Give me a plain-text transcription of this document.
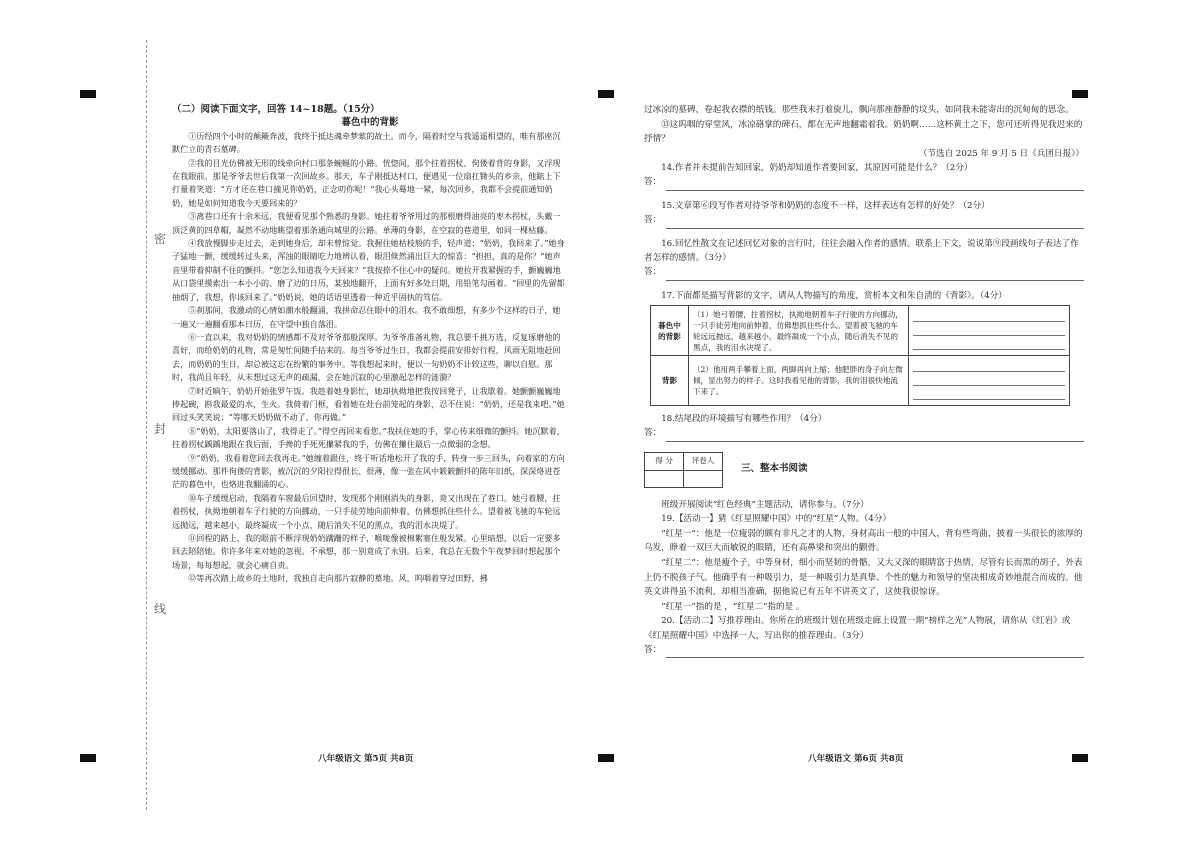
密
封
线

（二）阅读下面文字，回答 14~18题。（15分）

暮色中的背影

①历经四个小时的颠簸奔波，我终于抵达魂牵梦萦的故土。而今，隔着时空与我遥遥相望的，唯有那座沉默伫立的青石墓碑。

②我的目光仿佛被无形的线牵向村口那条蜿蜒的小路。恍惚间，那个拄着拐杖、佝偻着背的身影，又浮现在我眼前。那是爷爷去世后我第一次回故乡。那天，车子刚抵达村口，便遇见一位扇扛锄头的乡亲，他踮上下打量着笑道：“方才还在巷口撞见你奶奶，正念叨你呢！”我心头蓦地一紧，每次回乡，我都不会提前通知奶奶，她是如何知道我今天要回来的？

③离巷口还有十余米远，我便看见那个熟悉的身影。她拄着爷爷用过的那根磨得油亮的枣木拐杖，头戴一顶泛黄的四草帽，凝然不动地眺望着那条通向城里的公路。单薄的身影，在空寂的巷道里，如同一棵枯藤。

④我放慢脚步走过去，走到她身后，却未曾惊觉。我握住她枯枝般的手，轻声道：“奶奶，我回来了。”她身子猛地一颤，缓缓转过头来，浑浊的眼睛吃力地辨认着，眼泪倏然涌出巨大的惊喜：“担担，真的是你？”她声音里带着抑制不住的颤抖。“您怎么知道我今天回来？”我按捺不住心中的疑问。她拉开我紧握的手，颤巍巍地从口袋里摸索出一本小小的、磨了边的日历，某独地翻开，上面有好多处日期，用铅笔勾画着。“回里的先留都抽烟了，我想，你该回来了。”奶奶说，她的话语里透着一种近乎固执的笃信。

⑤刹那间，我激动的心情如潮水般翻涌，我拼命忍住眼中的泪水。我不敢细想，有多少个这样的日子，她一遍又一遍翻看那本日历，在守望中独自落泪。

⑥一直以来，我对奶奶的情感都不及对爷爷那般深厚。为爷爷准备礼物，我总要千挑万选，反复琢磨他的喜好，而给奶奶的礼物，常是匆忙间随手拈来的。每当爷爷过生日，我都会提前安排好行程，风雨无阻地赶回去，而奶奶的生日，却总被这忘在纷繁的事务中。等我想起来时，便以一句奶奶不计较这些，聊以自慰。那时，我尚且年轻，从未想过这无声的疏漏，会在她沉寂的心里激起怎样的涟漪？

⑦时近晌午，奶奶开始张罗午饭。我趁着她身影忙，她却执拗地把我按回凳子，让我歇着。她颤颤巍巍地捧起碗，斟我最爱的水，生火。我倚着门框，看着她在灶台前笼起的身影，忍不住说：“奶奶，还是我来吧。”她回过头笑笑说：“等哪天奶奶做不动了，你再做。”

⑧“奶奶，太阳要落山了，我得走了。”得空再回来看您。”我扶住她的手，掌心传来细微的颤抖。她沉默着，拄着拐杖踽踽地跟在我后面，手搀的手死死攥紧我的手，仿佛在攥住最后一点微弱的念想。

⑨“奶奶，我看着您回去我再走。”她缠着跟住，终于听话地松开了我的手，转身一步三回头，向着家的方向缓缓挪动。那件佝偻的背影，被沉沉的夕阳拉得很长、很薄，像一张在风中簌簌颤抖的陈年旧纸，深深烙进苍茫的暮色中，也烙进我翻涌的心。

⑩车子缓缓启动，我隔着车窗最后回望时，发现那个刚刚消失的身影，竟又出现在了巷口。她弓着腰，拄着拐杖，执拗地朝着车子行驶的方向挪动，一只手徒劳地向前伸着，仿佛想抓住些什么。望着被飞驰的车轮远远抛远，越来越小，最终凝成一个小点，随后消失不见的黑点，我的泪水决堤了。

⑪回程的路上，我的眼前不断浮现奶奶蹒跚的样子，喉咙像被棉絮塞住般发紧。心里暗想，以后一定要多回去陪陪她。你许多年来对她的忽视。不承想，那一别竟成了永别。后来，我总在无数个午夜梦回时想起那个场景，每每想起，就会心痛自责。

⑫等再次踏上故乡的土地时，我独自走向那片寂静的墓地。风，呜咽着穿过田野，拂

八年级语文 第5页 共8页

过冰凉的墓碑，卷起我衣襟的纸钱。那些我未打着旋儿，飘向那座静静的坟头，如同我未能寄出的沉甸甸的思念。

⑬这呜咽的穿堂风，冰凉硌掌的碑石，都在无声地翻霜着我。奶奶啊……这杯黄土之下，您可还听得见我迟来的抒情？

（节选自 2025 年 9 月 5 日《兵团日报》）

14.作者并未提前告知回家，奶奶却知道作者要回家，其原因可能是什么？（2分）

答：

15.文章第⑥段写作者对待爷爷和奶奶的态度不一样，这样表达有怎样的好处？（2分）

答：

16.回忆性散文在记述回忆对象的言行时，往往会融入作者的感情。联系上下文，说说第⑨段画线句子表达了作者怎样的感情。（3分）

答：

17.下面都是描写背影的文字，请从人物描写的角度，赏析本文和朱自清的《背影》。（4分）

暮色中的背影	（1）她弓着腰，拄着拐杖，执拗地朝着车子行驶的方向挪动，一只手徒劳地向前伸着，仿佛想抓住些什么。望着被飞驰的车轮远远抛远，越来越小，最终凝成一个小点，随后消失不见的黑点，我的泪水决堤了。	

背影	（2）他用两手攀着上面，两脚再向上缩；他肥胖的身子向左微倾，显出努力的样子。这时我看见他的背影，我的泪很快地流下来了。	

18.结尾段的环境描写有哪些作用？（4分）

答：
得 分	评卷人

三、整本书阅读

班级开展阅读“红色经典”主题活动，请你参与。（7分）

19.【活动一】猜《红星照耀中国》中的“红星”人物。（4分）

“红星一”：他是一位瘦弱的颇有非凡之才的人物，身材高出一般的中国人，背有些弯曲，披着一头很长的浓厚的乌发，睁着一双巨大而敏锐的眼睛，还有高鼻梁和突出的颧骨。

“红星二”：他是瘦个子，中等身材，细小而坚韧的骨骼，又大又深的眼睛富于热情，尽管有长而黑的胡子，外表上仍不脱孩子气。他确乎有一种吸引力，是一种吸引力是真挚、个性的魅力和领导的坚决相成奇妙地混合而成的。他英文讲得虽不流利，却相当准确，据他说已有五年不讲英文了，这使我很惊讶。

“红星一”指的是 ，“红星二”指的是 。

20.【活动二】写推荐理由。你所在的班级计划在班级走廊上设置一期“榜样之光”人物展，请你从《红岩》或《红星照耀中国》中选择一人，写出你的推荐理由。（3分）

答：
八年级语文 第6页 共8页
